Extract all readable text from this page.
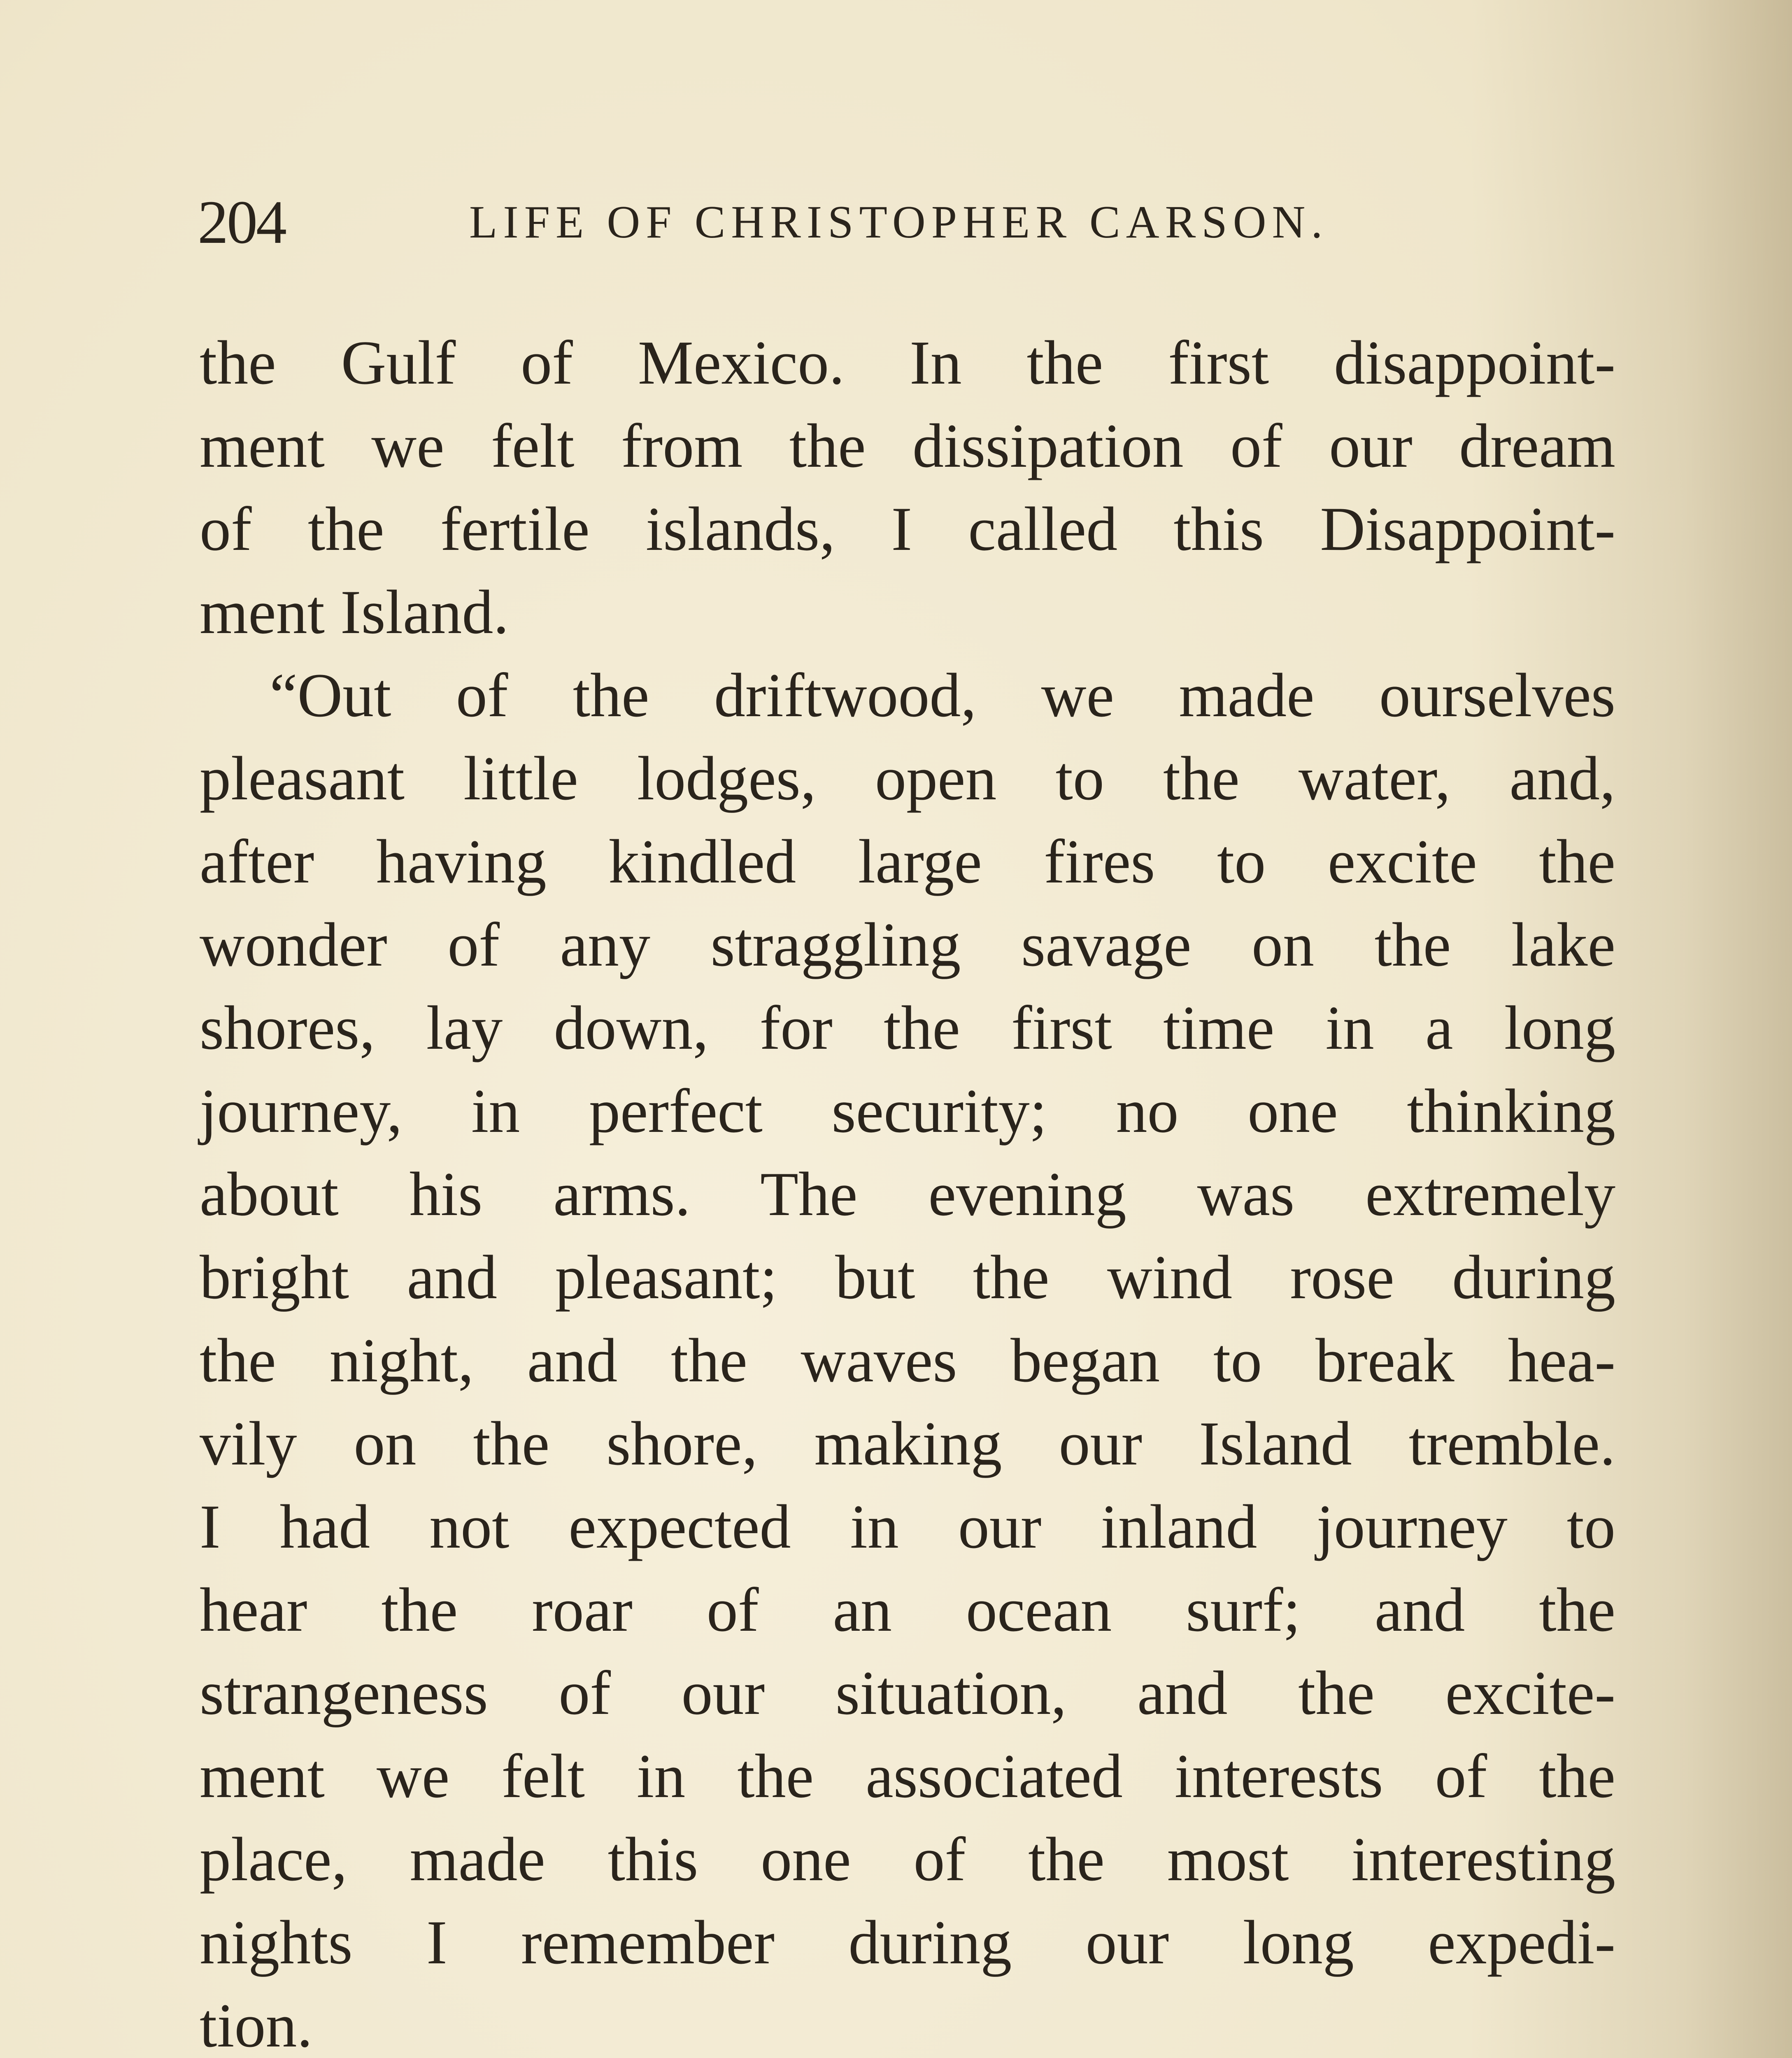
204	LIFE OF CHRISTOPHER CARSON.
the Gulf of Mexico. In the first disappoint-
ment we felt from the dissipation of our dream
of the fertile islands, I called this Disappoint-
ment Island.
“Out of the driftwood, we made ourselves
pleasant little lodges, open to the water, and,
after having kindled large fires to excite the
wonder of any straggling savage on the lake
shores, lay down, for the first time in a long
journey, in perfect security; no one thinking
about his arms. The evening was extremely
bright and pleasant; but the wind rose during
the night, and the waves began to break hea-
vily on the shore, making our Island tremble.
I had not expected in our inland journey to
hear the roar of an ocean surf; and the
strangeness of our situation, and the excite-
ment we felt in the associated interests of the
place, made this one of the most interesting
nights I remember during our long expedi-
tion.
